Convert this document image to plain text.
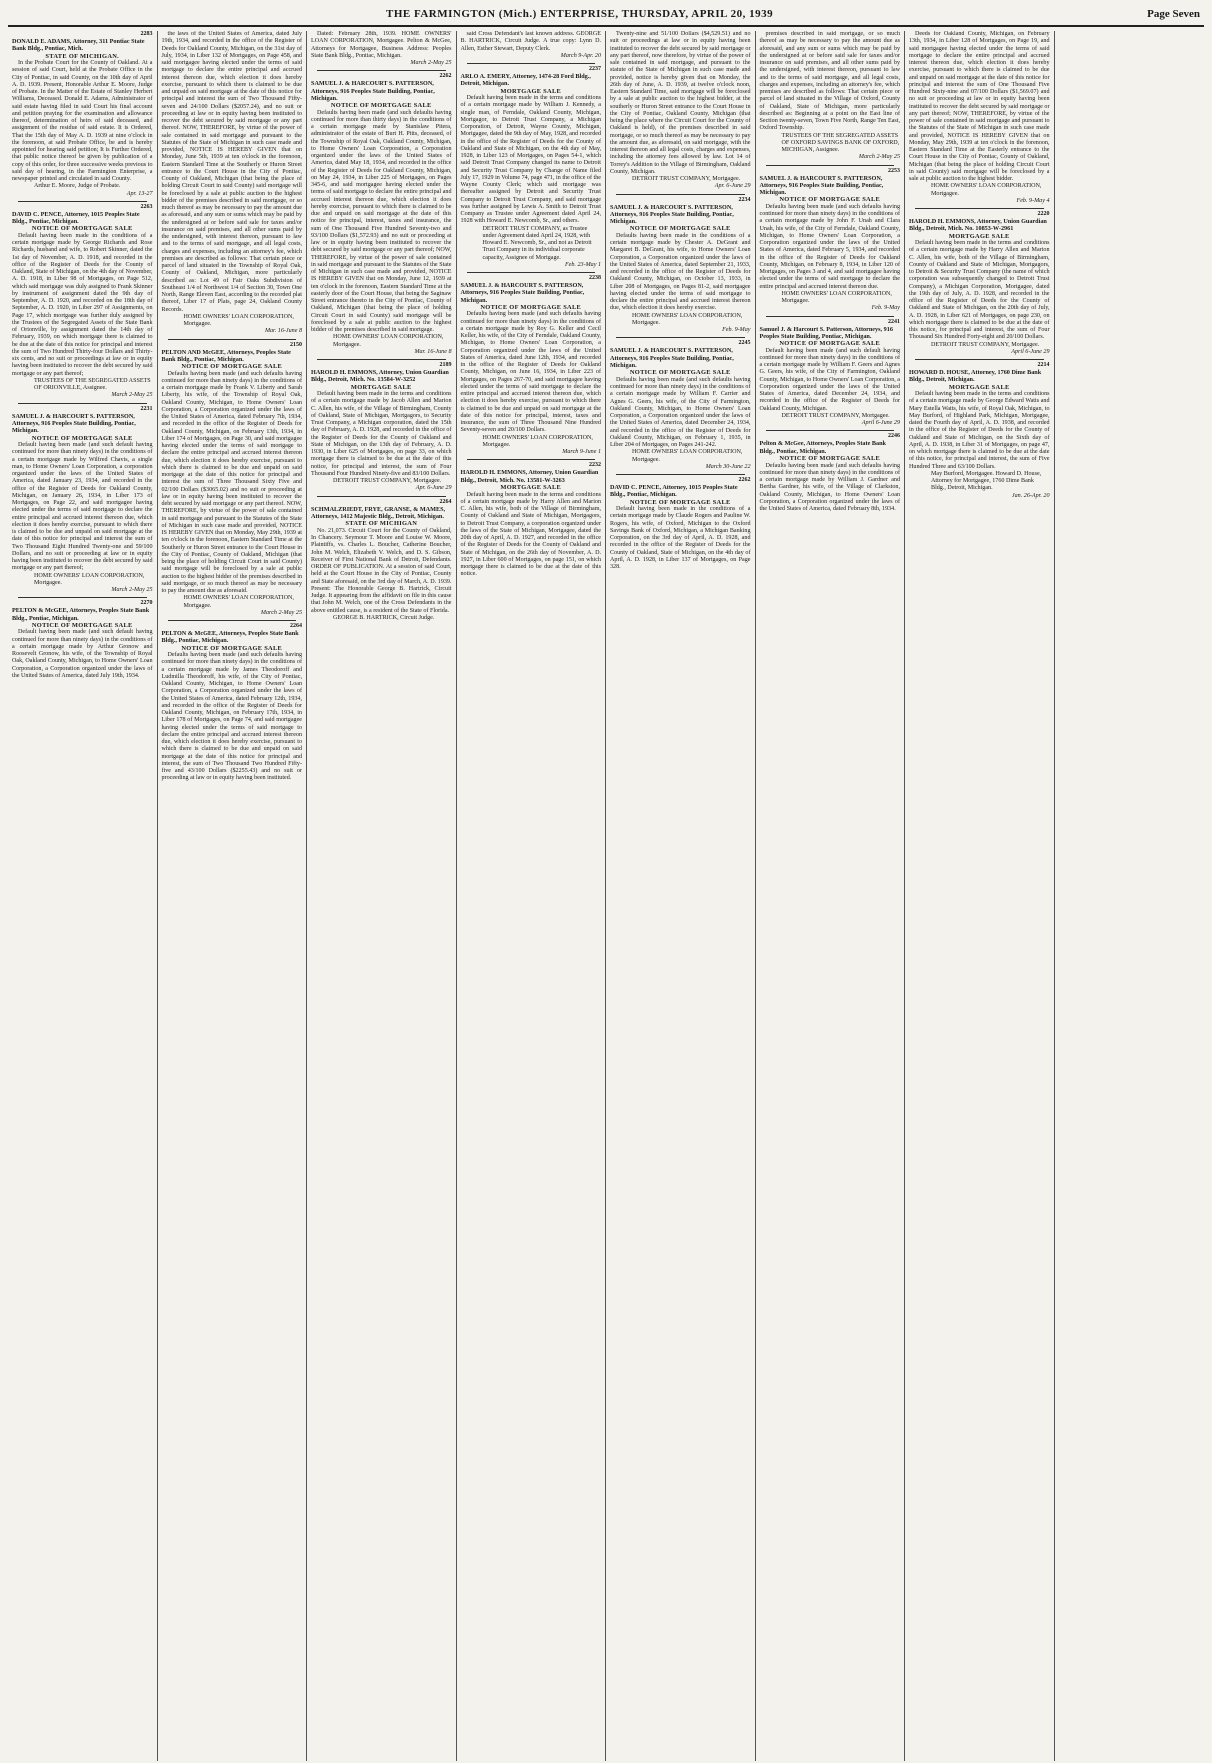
THE FARMINGTON (Mich.) ENTERPRISE, THURSDAY, APRIL 20, 1939	Page Seven

2283

DONALD E. ADAMS, Attorney, 311 Pontiac State Bank Bldg., Pontiac, Mich.

STATE OF MICHIGAN.

In the Probate Court for the County of Oakland. At a session of said Court, held at the Probate Office in the City of Pontiac, in said County, on the 10th day of April A. D. 1939. Present, Honorable Arthur E. Moore, Judge of Probate. In the Matter of the Estate of Stanley Herbert Williams, Deceased. Donald E. Adams, Administrator of said estate having filed in said Court his final account and petition praying for the examination and allowance thereof, determination of heirs of said deceased, and assignment of the residue of said estate. It is Ordered, That the 15th day of May A. D. 1939 at nine o'clock in the forenoon, at said Probate Office, be and is hereby appointed for hearing said petition; It is Further Ordered, that public notice thereof be given by publication of a copy of this order, for three successive weeks previous to said day of hearing, in the Farmington Enterprise, a newspaper printed and circulated in said County.

Arthur E. Moore, Judge of Probate.

Apr. 13-27

2263

DAVID C. PENCE, Attorney, 1015 Peoples State Bldg., Pontiac, Michigan.

NOTICE OF MORTGAGE SALE

Default having been made in the conditions of a certain mortgage made by George Richards and Rose Richards, husband and wife, to Robert Skinner, dated the 1st day of November, A. D. 1918, and recorded in the office of the Register of Deeds for the County of Oakland, State of Michigan, on the 4th day of November, A. D. 1918, in Liber 98 of Mortgages, on Page 512, which said mortgage was duly assigned to Frank Skinner by instrument of assignment dated the 9th day of September, A. D. 1920, and recorded on the 18th day of September, A. D. 1920, in Liber 297 of Assignments, on Page 17, which mortgage was further duly assigned by the Trustees of the Segregated Assets of the State Bank of Orionville, by assignment dated the 14th day of February, 1939, on which mortgage there is claimed to be due at the date of this notice for principal and interest the sum of Two Hundred Thirty-four Dollars and Thirty-six cents, and no suit or proceedings at law or in equity having been instituted to recover the debt secured by said mortgage or any part thereof;

TRUSTEES OF THE SEGREGATED ASSETS OF ORIONVILLE, Assignee.

March 2-May 25

2231

SAMUEL J. & HARCOURT S. PATTERSON, Attorneys, 916 Peoples State Building, Pontiac, Michigan.

NOTICE OF MORTGAGE SALE

Default having been made (and such default having continued for more than ninety days) in the conditions of a certain mortgage made by Wilfred Chavis, a single man, to Home Owners' Loan Corporation, a corporation organized under the laws of the United States of America, dated January 23, 1934, and recorded in the office of the Register of Deeds for Oakland County, Michigan, on January 26, 1934, in Liber 173 of Mortgages, on Page 22, and said mortgagee having elected under the terms of said mortgage to declare the entire principal and accrued interest thereon due, which election it does hereby exercise, pursuant to which there is claimed to be due and unpaid on said mortgage at the date of this notice for principal and interest the sum of Two Thousand Eight Hundred Twenty-one and 59/100 Dollars, and no suit or proceeding at law or in equity having been instituted to recover the debt secured by said mortgage or any part thereof;

HOME OWNERS' LOAN CORPORATION, Mortgagee.

March 2-May 25

2270

PELTON & McGEE, Attorneys, Peoples State Bank Bldg., Pontiac, Michigan.

NOTICE OF MORTGAGE SALE

Default having been made (and such default having continued for more than ninety days) in the conditions of a certain mortgage made by Arthur Gronow and Roosevelt Gronow, his wife, of the Township of Royal Oak, Oakland County, Michigan, to Home Owners' Loan Corporation, a Corporation organized under the laws of the United States of America, dated July 19th, 1934.

the laws of the United States of America, dated July 19th, 1934, and recorded in the office of the Register of Deeds for Oakland County, Michigan, on the 31st day of July, 1934, in Liber 132 of Mortgages, on Page 458, and said mortgagee having elected under the terms of said mortgage to declare the entire principal and accrued interest thereon due, which election it does hereby exercise, pursuant to which there is claimed to be due and unpaid on said mortgage at the date of this notice for principal and interest the sum of Two Thousand Fifty-seven and 24/100 Dollars ($2057.24), and no suit or proceeding at law or in equity having been instituted to recover the debt secured by said mortgage or any part thereof. NOW, THEREFORE, by virtue of the power of sale contained in said mortgage and pursuant to the Statutes of the State of Michigan in such case made and provided, NOTICE IS HEREBY GIVEN that on Monday, June 5th, 1939 at ten o'clock in the forenoon, Eastern Standard Time at the Southerly or Huron Street entrance to the Court House in the City of Pontiac, County of Oakland, Michigan (that being the place of holding Circuit Court in said County) said mortgage will be foreclosed by a sale at public auction to the highest bidder of the premises described in said mortgage, or so much thereof as may be necessary to pay the amount due as aforesaid, and any sum or sums which may be paid by the undersigned at or before said sale for taxes and/or insurance on said premises, and all other sums paid by the undersigned, with interest thereon, pursuant to law and to the terms of said mortgage, and all legal costs, charges and expenses, including an attorney's fee, which premises are described as follows: That certain piece or parcel of land situated in the Township of Royal Oak, County of Oakland, Michigan, more particularly described as: Lot 49 of Fair Oaks Subdivision of Southeast 1/4 of Northwest 1/4 of Section 30, Town One North, Range Eleven East, according to the recorded plat thereof, Liber 17 of Plats, page 24, Oakland County Records.

HOME OWNERS' LOAN CORPORATION, Mortgagee.

Mar. 16-June 8

2150

PELTON AND McGEE, Attorneys, Peoples State Bank Bldg., Pontiac, Michigan.

NOTICE OF MORTGAGE SALE

Defaults having been made (and such defaults having continued for more than ninety days) in the conditions of a certain mortgage made by Frank V. Liberty and Sarah Liberty, his wife, of the Township of Royal Oak, Oakland County, Michigan, to Home Owners' Loan Corporation, a Corporation organized under the laws of the United States of America, dated February 7th, 1934, and recorded in the office of the Register of Deeds for Oakland County, Michigan, on February 13th, 1934, in Liber 174 of Mortgages, on Page 30, and said mortgagee having elected under the terms of said mortgage to declare the entire principal and accrued interest thereon due, which election it does hereby exercise, pursuant to which there is claimed to be due and unpaid on said mortgage at the date of this notice for principal and interest the sum of Three Thousand Sixty Five and 02/100 Dollars ($3065.02) and no suit or proceeding at law or in equity having been instituted to recover the debt secured by said mortgage or any part thereof. NOW, THEREFORE, by virtue of the power of sale contained in said mortgage and pursuant to the Statutes of the State of Michigan in such case made and provided, NOTICE IS HEREBY GIVEN that on Monday, May 29th, 1939 at ten o'clock in the forenoon, Eastern Standard Time at the Southerly or Huron Street entrance to the Court House in the City of Pontiac, County of Oakland, Michigan (that being the place of holding Circuit Court in said County) said mortgage will be foreclosed by a sale at public auction to the highest bidder of the premises described in said mortgage, or so much thereof as may be necessary to pay the amount due as aforesaid.

HOME OWNERS' LOAN CORPORATION, Mortgagee.

March 2-May 25

2264

PELTON & McGEE, Attorneys, Peoples State Bank Bldg., Pontiac, Michigan.

NOTICE OF MORTGAGE SALE

Defaults having been made (and such defaults having continued for more than ninety days) in the conditions of a certain mortgage made by James Theodoroff and Ludmilla Theodoroff, his wife, of the City of Pontiac, Oakland County, Michigan, to Home Owners' Loan Corporation, a Corporation organized under the laws of the United States of America, dated February 12th, 1934, and recorded in the office of the Register of Deeds for Oakland County, Michigan, on February 17th, 1934, in Liber 178 of Mortgages, on Page 74, and said mortgagee having elected under the terms of said mortgage to declare the entire principal and accrued interest thereon due, which election it does hereby exercise, pursuant to which there is claimed to be due and unpaid on said mortgage at the date of this notice for principal and interest, the sum of Two Thousand Two Hundred Fifty-five and 43/100 Dollars ($2255.43) and no suit or proceeding at law or in equity having been instituted.

Dated: February 28th, 1939. HOME OWNERS' LOAN CORPORATION, Mortgagee. Pelton & McGee, Attorneys for Mortgagee, Business Address: Peoples State Bank Bldg., Pontiac, Michigan.

March 2-May 25

2262

SAMUEL J. & HARCOURT S. PATTERSON, Attorneys, 916 Peoples State Building, Pontiac, Michigan.

NOTICE OF MORTGAGE SALE

Defaults having been made (and such defaults having continued for more than thirty days) in the conditions of a certain mortgage made by Stanislaw Pitera, administrator of the estate of Burt H. Pitts, deceased, of the Township of Royal Oak, Oakland County, Michigan, to Home Owners' Loan Corporation, a Corporation organized under the laws of the United States of America, dated May 18, 1934, and recorded in the office of the Register of Deeds for Oakland County, Michigan, on May 24, 1934, in Liber 225 of Mortgages, on Pages 345-6, and said mortgagee having elected under the terms of said mortgage to declare the entire principal and accrued interest thereon due, which election it does hereby exercise, pursuant to which there is claimed to be due and unpaid on said mortgage at the date of this notice for principal, interest, taxes and insurance, the sum of One Thousand Five Hundred Seventy-two and 93/100 Dollars ($1,572.93) and no suit or proceeding at law or in equity having been instituted to recover the debt secured by said mortgage or any part thereof; NOW, THEREFORE, by virtue of the power of sale contained in said mortgage and pursuant to the Statutes of the State of Michigan in such case made and provided, NOTICE IS HEREBY GIVEN that on Monday, June 12, 1939 at ten o'clock in the forenoon, Eastern Standard Time at the easterly door of the Court House, that being the Saginaw Street entrance thereto in the City of Pontiac, County of Oakland, Michigan (that being the place of holding Circuit Court in said County) said mortgage will be foreclosed by a sale at public auction to the highest bidder of the premises described in said mortgage.

HOME OWNERS' LOAN CORPORATION, Mortgagee.

Mar. 16-June 8

2189

HAROLD H. EMMONS, Attorney, Union Guardian Bldg., Detroit, Mich. No. 13584-W-3252

MORTGAGE SALE

Default having been made in the terms and conditions of a certain mortgage made by Jacob Allen and Marion C. Allen, his wife, of the Village of Birmingham, County of Oakland, State of Michigan, Mortgagors, to Security Trust Company, a Michigan corporation, dated the 15th day of February, A. D. 1928, and recorded in the office of the Register of Deeds for the County of Oakland and State of Michigan, on the 13th day of February, A. D. 1930, in Liber 625 of Mortgages, on page 33, on which mortgage there is claimed to be due at the date of this notice, for principal and interest, the sum of Four Thousand Four Hundred Ninety-five and 83/100 Dollars.

DETROIT TRUST COMPANY, Mortgagee.

Apr. 6-June 29

2264

SCHMALZRIEDT, FRYE, GRANSE, & MAMES, Attorneys, 1412 Majestic Bldg., Detroit, Michigan.

STATE OF MICHIGAN

No. 21,073. Circuit Court for the County of Oakland, In Chancery. Seymour T. Moore and Louise W. Moore, Plaintiffs, vs. Charles L. Boucher, Catherine Boucher, John M. Welch, Elizabeth V. Welch, and D. S. Gibson, Receiver of First National Bank of Detroit, Defendants. ORDER OF PUBLICATION. At a session of said Court, held at the Court House in the City of Pontiac, County and State aforesaid, on the 3rd day of March, A. D. 1939. Present: The Honorable George B. Hartrick, Circuit Judge. It appearing from the affidavit on file in this cause that John M. Welch, one of the Cross Defendants in the above entitled cause, is a resident of the State of Florida.

GEORGE B. HARTRICK, Circuit Judge.

said Cross Defendant's last known address. GEORGE B. HARTRICK, Circuit Judge. A true copy: Lynn D. Allen, Esther Stewart, Deputy Clerk.

March 9-Apr. 20

2237

ARLO A. EMERY, Attorney, 1474-28 Ford Bldg., Detroit, Michigan.

MORTGAGE SALE

Default having been made in the terms and conditions of a certain mortgage made by William J. Kennedy, a single man, of Ferndale, Oakland County, Michigan, Mortgagor, to Detroit Trust Company, a Michigan Corporation, of Detroit, Wayne County, Michigan, Mortgagee, dated the 9th day of May, 1928, and recorded in the office of the Register of Deeds for the County of Oakland and State of Michigan, on the 4th day of May, 1928, in Liber 123 of Mortgages, on Pages 54-1, which said Detroit Trust Company changed its name to Detroit and Security Trust Company by Change of Name filed July 17, 1929 in Volume 74, page 471, in the office of the Wayne County Clerk; which said mortgage was thereafter assigned by Detroit and Security Trust Company to Detroit Trust Company, and said mortgage was further assigned by Lewis A. Smith to Detroit Trust Company as Trustee under Agreement dated April 24, 1928 with Howard E. Newcomb, Sr., and others.

DETROIT TRUST COMPANY, as Trustee under Agreement dated April 24, 1928, with Howard E. Newcomb, Sr., and not as Detroit Trust Company in its individual corporate capacity, Assignee of Mortgage.

Feb. 23-May 1

2238

SAMUEL J. & HARCOURT S. PATTERSON, Attorneys, 916 Peoples State Building, Pontiac, Michigan.

NOTICE OF MORTGAGE SALE

Defaults having been made (and such defaults having continued for more than ninety days) in the conditions of a certain mortgage made by Roy G. Keller and Cecil Keller, his wife, of the City of Ferndale, Oakland County, Michigan, to Home Owners' Loan Corporation, a Corporation organized under the laws of the United States of America, dated June 12th, 1934, and recorded in the office of the Register of Deeds for Oakland County, Michigan, on June 16, 1934, in Liber 223 of Mortgages, on Pages 267-70, and said mortgagee having elected under the terms of said mortgage to declare the entire principal and accrued interest thereon due, which election it does hereby exercise, pursuant to which there is claimed to be due and unpaid on said mortgage at the date of this notice for principal, interest, taxes and insurance, the sum of Three Thousand Nine Hundred Seventy-seven and 20/100 Dollars.

HOME OWNERS' LOAN CORPORATION, Mortgagee.

March 9-June 1

2232

HAROLD H. EMMONS, Attorney, Union Guardian Bldg., Detroit, Mich. No. 13581-W-3263

MORTGAGE SALE

Default having been made in the terms and conditions of a certain mortgage made by Harry Allen and Marion C. Allen, his wife, both of the Village of Birmingham, County of Oakland and State of Michigan, Mortgagors, to Detroit Trust Company, a corporation organized under the laws of the State of Michigan, Mortgagee, dated the 20th day of April, A. D. 1927, and recorded in the office of the Register of Deeds for the County of Oakland and State of Michigan, on the 26th day of November, A. D. 1927, in Liber 600 of Mortgages, on page 151, on which mortgage there is claimed to be due at the date of this notice.

Twenty-nine and 51/100 Dollars ($4,529.51) and no suit or proceedings at law or in equity having been instituted to recover the debt secured by said mortgage or any part thereof, now therefore, by virtue of the power of sale contained in said mortgage, and pursuant to the statute of the State of Michigan in such case made and provided, notice is hereby given that on Monday, the 26th day of June, A. D. 1939, at twelve o'clock noon, Eastern Standard Time, said mortgage will be foreclosed by a sale at public auction to the highest bidder, at the southerly or Huron Street entrance to the Court House in the City of Pontiac, Oakland County, Michigan (that being the place where the Circuit Court for the County of Oakland is held), of the premises described in said mortgage, or so much thereof as may be necessary to pay the amount due, as aforesaid, on said mortgage, with the interest thereon and all legal costs, charges and expenses, including the attorney fees allowed by law. Lot 14 of Torrey's Addition to the Village of Birmingham, Oakland County, Michigan.

DETROIT TRUST COMPANY, Mortgagee.

Apr. 6-June 29

2234

SAMUEL J. & HARCOURT S. PATTERSON, Attorneys, 916 Peoples State Building, Pontiac, Michigan.

NOTICE OF MORTGAGE SALE

Defaults having been made in the conditions of a certain mortgage made by Chester A. DeGrant and Margaret B. DeGrant, his wife, to Home Owners' Loan Corporation, a Corporation organized under the laws of the United States of America, dated September 21, 1933, and recorded in the office of the Register of Deeds for Oakland County, Michigan, on October 13, 1933, in Liber 208 of Mortgages, on Pages 81-2, said mortgagee having elected under the terms of said mortgage to declare the entire principal and accrued interest thereon due, which election it does hereby exercise.

HOME OWNERS' LOAN CORPORATION, Mortgagee.

Feb. 9-May

2245

SAMUEL J. & HARCOURT S. PATTERSON, Attorneys, 916 Peoples State Building, Pontiac, Michigan.

NOTICE OF MORTGAGE SALE

Defaults having been made (and such defaults having continued for more than ninety days) in the conditions of a certain mortgage made by William F. Carrier and Agnes G. Geers, his wife, of the City of Farmington, Oakland County, Michigan, to Home Owners' Loan Corporation, a Corporation organized under the laws of the United States of America, dated December 24, 1934, and recorded in the office of the Register of Deeds for Oakland County, Michigan, on February 1, 1935, in Liber 204 of Mortgages, on Pages 241-242.

HOME OWNERS' LOAN CORPORATION, Mortgagee.

March 30-June 22

2262

DAVID C. PENCE, Attorney, 1015 Peoples State Bldg., Pontiac, Michigan.

NOTICE OF MORTGAGE SALE

Default having been made in the conditions of a certain mortgage made by Claude Rogers and Pauline W. Rogers, his wife, of Oxford, Michigan to the Oxford Savings Bank of Oxford, Michigan, a Michigan Banking Corporation, on the 3rd day of April, A. D. 1928, and recorded in the office of the Register of Deeds for the County of Oakland, State of Michigan, on the 4th day of April, A. D. 1928, in Liber 137 of Mortgages, on Page 328.

premises described in said mortgage, or so much thereof as may be necessary to pay the amount due as aforesaid, and any sum or sums which may be paid by the undersigned at or before said sale for taxes and/or insurance on said premises, and all other sums paid by the undersigned, with interest thereon, pursuant to law and to the terms of said mortgage, and all legal costs, charges and expenses, including an attorney's fee, which premises are described as follows: That certain piece or parcel of land situated in the Village of Oxford, County of Oakland, State of Michigan, more particularly described as: Beginning at a point on the East line of Section twenty-seven, Town Five North, Range Ten East, Oxford Township.

TRUSTEES OF THE SEGREGATED ASSETS OF OXFORD SAVINGS BANK OF OXFORD, MICHIGAN, Assignee.

March 2-May 25

2253

SAMUEL J. & HARCOURT S. PATTERSON, Attorneys, 916 Peoples State Building, Pontiac, Michigan.

NOTICE OF MORTGAGE SALE

Defaults having been made (and such defaults having continued for more than ninety days) in the conditions of a certain mortgage made by John F. Unah and Clara Unah, his wife, of the City of Ferndale, Oakland County, Michigan, to Home Owners' Loan Corporation, a Corporation organized under the laws of the United States of America, dated February 5, 1934, and recorded in the office of the Register of Deeds for Oakland County, Michigan, on February 8, 1934, in Liber 120 of Mortgages, on Pages 3 and 4, and said mortgagee having elected under the terms of said mortgage to declare the entire principal and accrued interest thereon due.

HOME OWNERS' LOAN CORPORATION, Mortgagee.

Feb. 9-May

2241

Samuel J. & Harcourt S. Patterson, Attorneys, 916 Peoples State Building, Pontiac, Michigan.

NOTICE OF MORTGAGE SALE

Default having been made (and such default having continued for more than ninety days) in the conditions of a certain mortgage made by William F. Geers and Agnes G. Geers, his wife, of the City of Farmington, Oakland County, Michigan, to Home Owners' Loan Corporation, a Corporation organized under the laws of the United States of America, dated December 24, 1934, and recorded in the office of the Register of Deeds for Oakland County, Michigan.

DETROIT TRUST COMPANY, Mortgagee.

April 6-June 29

2246

Pelton & McGee, Attorneys, Peoples State Bank Bldg., Pontiac, Michigan.

NOTICE OF MORTGAGE SALE

Defaults having been made (and such defaults having continued for more than ninety days) in the conditions of a certain mortgage made by William J. Gardner and Bertha Gardner, his wife, of the Village of Clarkston, Oakland County, Michigan, to Home Owners' Loan Corporation, a Corporation organized under the laws of the United States of America, dated February 8th, 1934.

Deeds for Oakland County, Michigan, on February 13th, 1934, in Liber 128 of Mortgages, on Page 19, and said mortgagee having elected under the terms of said mortgage to declare the entire principal and accrued interest thereon due, which election it does hereby exercise, pursuant to which there is claimed to be due and unpaid on said mortgage at the date of this notice for principal and interest the sum of One Thousand Five Hundred Sixty-nine and 07/100 Dollars ($1,569.07) and no suit or proceeding at law or in equity having been instituted to recover the debt secured by said mortgage or any part thereof; NOW, THEREFORE, by virtue of the power of sale contained in said mortgage and pursuant to the Statutes of the State of Michigan in such case made and provided, NOTICE IS HEREBY GIVEN that on Monday, May 29th, 1939 at ten o'clock in the forenoon, Eastern Standard Time at the Easterly entrance to the Court House in the City of Pontiac, County of Oakland, Michigan (that being the place of holding Circuit Court in said County) said mortgage will be foreclosed by a sale at public auction to the highest bidder.

HOME OWNERS' LOAN CORPORATION, Mortgagee.

Feb. 9-May 4

2220

HAROLD H. EMMONS, Attorney, Union Guardian Bldg., Detroit, Mich. No. 10853-W-2961

MORTGAGE SALE

Default having been made in the terms and conditions of a certain mortgage made by Harry Allen and Marion C. Allen, his wife, both of the Village of Birmingham, County of Oakland and State of Michigan, Mortgagors, to Detroit & Security Trust Company (the name of which corporation was subsequently changed to Detroit Trust Company), a Michigan Corporation, Mortgagee, dated the 19th day of July, A. D. 1928, and recorded in the office of the Register of Deeds for the County of Oakland and State of Michigan, on the 20th day of July, A. D. 1928, in Liber 621 of Mortgages, on page 230, on which mortgage there is claimed to be due at the date of this notice, for principal and interest, the sum of Four Thousand Six Hundred Forty-eight and 20/100 Dollars.

DETROIT TRUST COMPANY, Mortgagee.

April 6-June 29

2214

HOWARD D. HOUSE, Attorney, 1760 Dime Bank Bldg., Detroit, Michigan.

MORTGAGE SALE

Default having been made in the terms and conditions of a certain mortgage made by George Edward Watts and Mary Estella Watts, his wife, of Royal Oak, Michigan, to May Burford, of Highland Park, Michigan, Mortgagee, dated the Fourth day of April, A. D. 1938, and recorded in the office of the Register of Deeds for the County of Oakland and State of Michigan, on the Sixth day of April, A. D. 1938, in Liber 31 of Mortgages, on page 47, on which mortgage there is claimed to be due at the date of this notice, for principal and interest, the sum of Five Hundred Three and 63/100 Dollars.

May Burford, Mortgagee. Howard D. House, Attorney for Mortgagee, 1760 Dime Bank Bldg., Detroit, Michigan.

Jan. 26-Apr. 20
